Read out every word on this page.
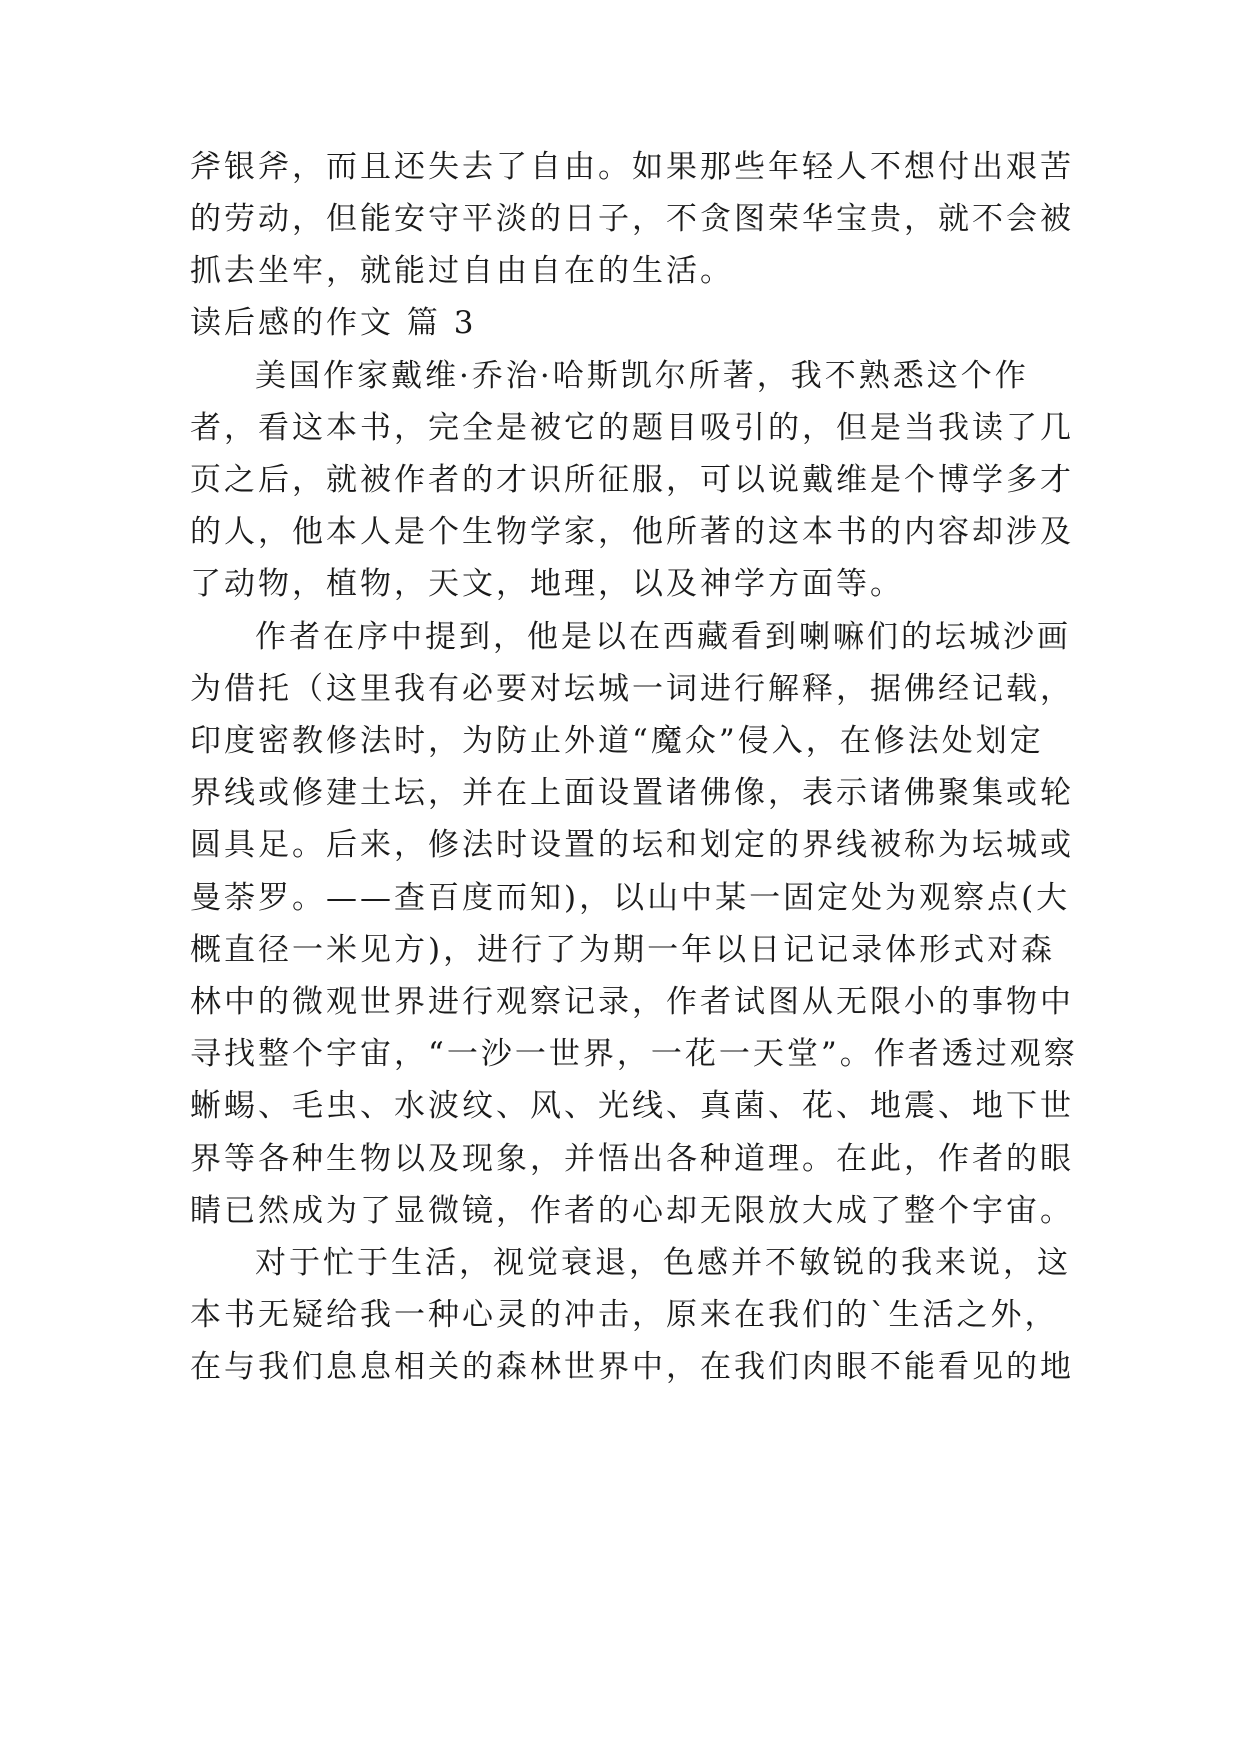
斧银斧，而且还失去了自由。如果那些年轻人不想付出艰苦
的劳动，但能安守平淡的日子，不贪图荣华宝贵，就不会被
抓去坐牢，就能过自由自在的生活。
读后感的作文 篇 3
美国作家戴维·乔治·哈斯凯尔所著，我不熟悉这个作
者，看这本书，完全是被它的题目吸引的，但是当我读了几
页之后，就被作者的才识所征服，可以说戴维是个博学多才
的人，他本人是个生物学家，他所著的这本书的内容却涉及
了动物，植物，天文，地理，以及神学方面等。
作者在序中提到，他是以在西藏看到喇嘛们的坛城沙画
为借托（这里我有必要对坛城一词进行解释，据佛经记载，
印度密教修法时，为防止外道“魔众”侵入，在修法处划定
界线或修建土坛，并在上面设置诸佛像，表示诸佛聚集或轮
圆具足。后来，修法时设置的坛和划定的界线被称为坛城或
曼荼罗。——查百度而知)，以山中某一固定处为观察点(大
概直径一米见方)，进行了为期一年以日记记录体形式对森
林中的微观世界进行观察记录，作者试图从无限小的事物中
寻找整个宇宙，“一沙一世界，一花一天堂”。作者透过观察
蜥蜴、毛虫、水波纹、风、光线、真菌、花、地震、地下世
界等各种生物以及现象，并悟出各种道理。在此，作者的眼
睛已然成为了显微镜，作者的心却无限放大成了整个宇宙。
对于忙于生活，视觉衰退，色感并不敏锐的我来说，这
本书无疑给我一种心灵的冲击，原来在我们的`生活之外，
在与我们息息相关的森林世界中，在我们肉眼不能看见的地
